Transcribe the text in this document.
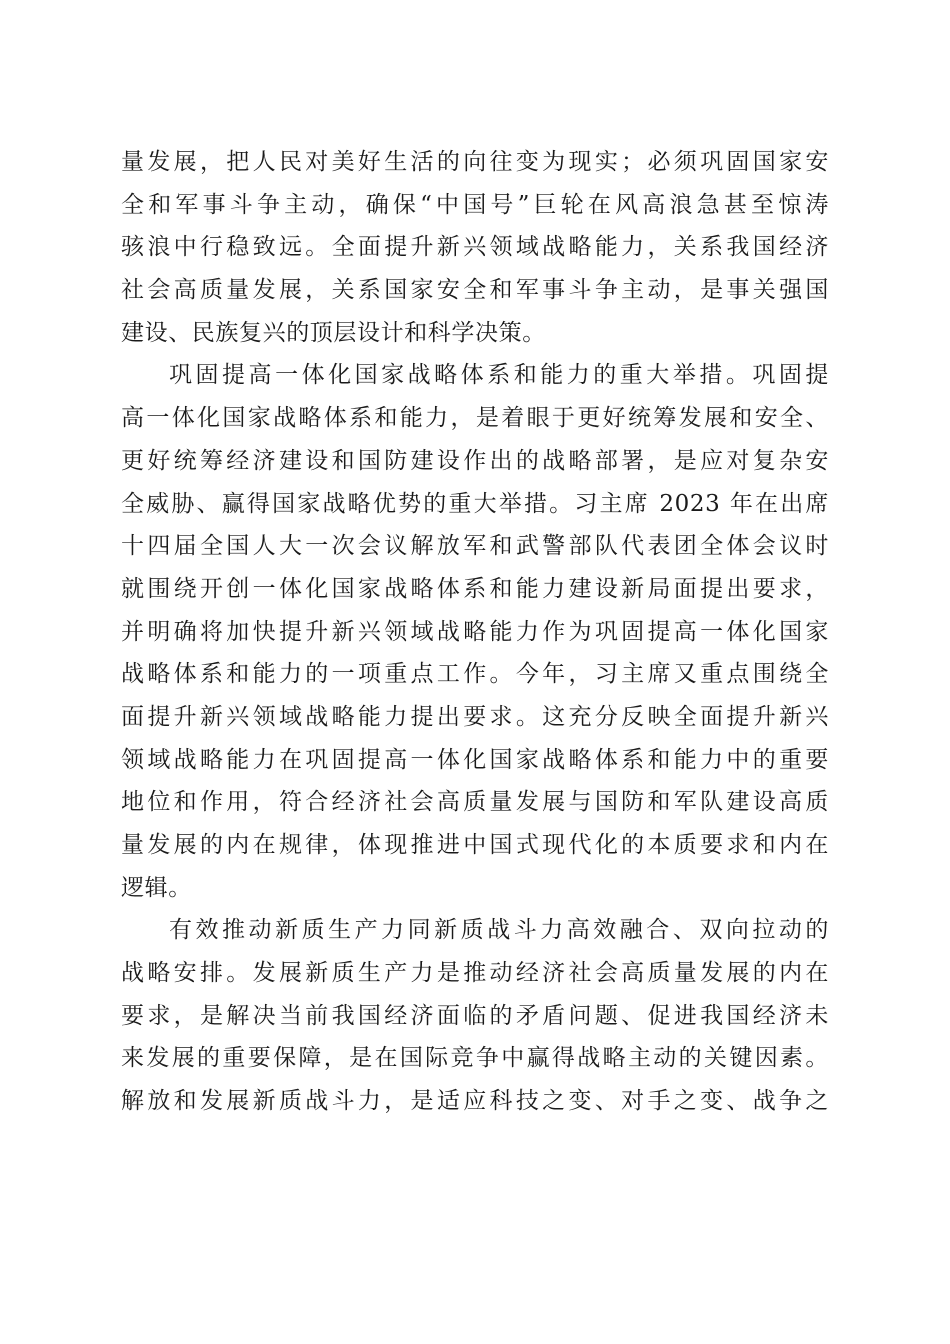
量发展，把人民对美好生活的向往变为现实；必须巩固国家安
全和军事斗争主动，确保“中国号”巨轮在风高浪急甚至惊涛
骇浪中行稳致远。全面提升新兴领域战略能力，关系我国经济
社会高质量发展，关系国家安全和军事斗争主动，是事关强国
建设、民族复兴的顶层设计和科学决策。
巩固提高一体化国家战略体系和能力的重大举措。巩固提
高一体化国家战略体系和能力，是着眼于更好统筹发展和安全、
更好统筹经济建设和国防建设作出的战略部署，是应对复杂安
全威胁、赢得国家战略优势的重大举措。习主席 2023 年在出席
十四届全国人大一次会议解放军和武警部队代表团全体会议时
就围绕开创一体化国家战略体系和能力建设新局面提出要求，
并明确将加快提升新兴领域战略能力作为巩固提高一体化国家
战略体系和能力的一项重点工作。今年，习主席又重点围绕全
面提升新兴领域战略能力提出要求。这充分反映全面提升新兴
领域战略能力在巩固提高一体化国家战略体系和能力中的重要
地位和作用，符合经济社会高质量发展与国防和军队建设高质
量发展的内在规律，体现推进中国式现代化的本质要求和内在
逻辑。
有效推动新质生产力同新质战斗力高效融合、双向拉动的
战略安排。发展新质生产力是推动经济社会高质量发展的内在
要求，是解决当前我国经济面临的矛盾问题、促进我国经济未
来发展的重要保障，是在国际竞争中赢得战略主动的关键因素。
解放和发展新质战斗力，是适应科技之变、对手之变、战争之
